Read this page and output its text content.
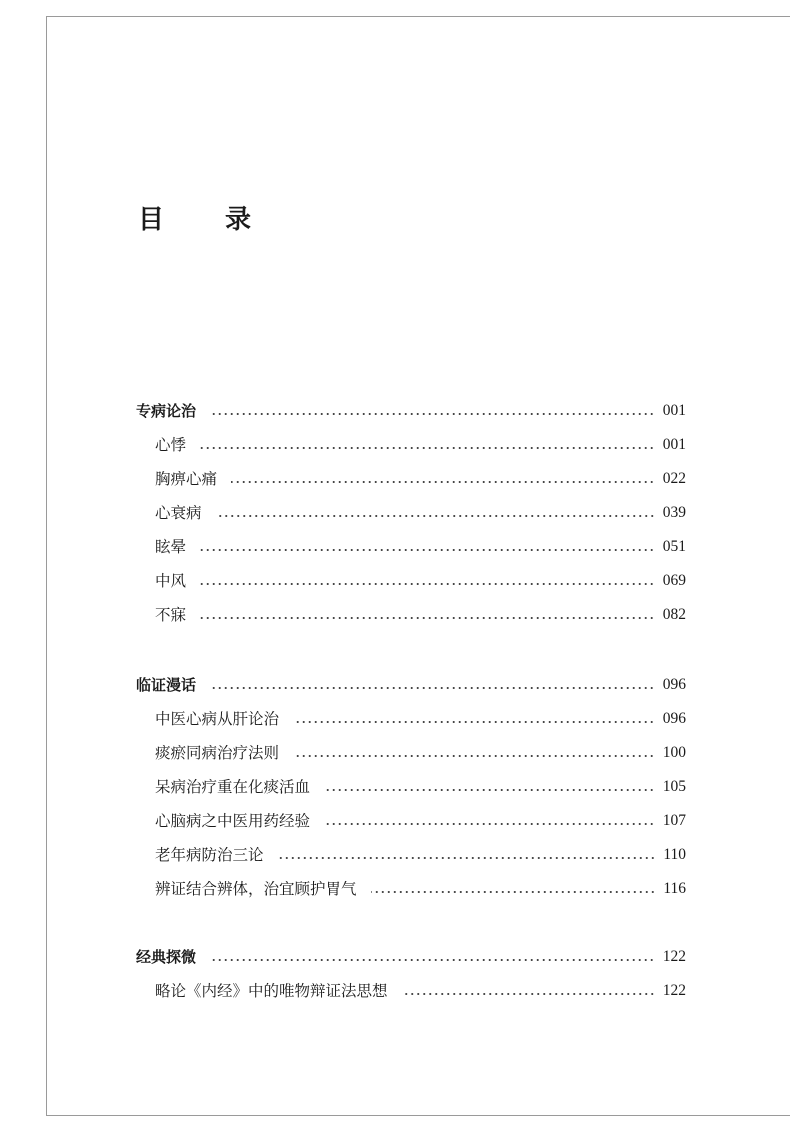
目 录
专病论治	001
心悸	001
胸痹心痛	022
心衰病	039
眩晕	051
中风	069
不寐	082
临证漫话	096
中医心病从肝论治	096
痰瘀同病治疗法则	100
呆病治疗重在化痰活血	105
心脑病之中医用药经验	107
老年病防治三论	110
辨证结合辨体，治宜顾护胃气	116
经典探微	122
略论《内经》中的唯物辩证法思想	122
